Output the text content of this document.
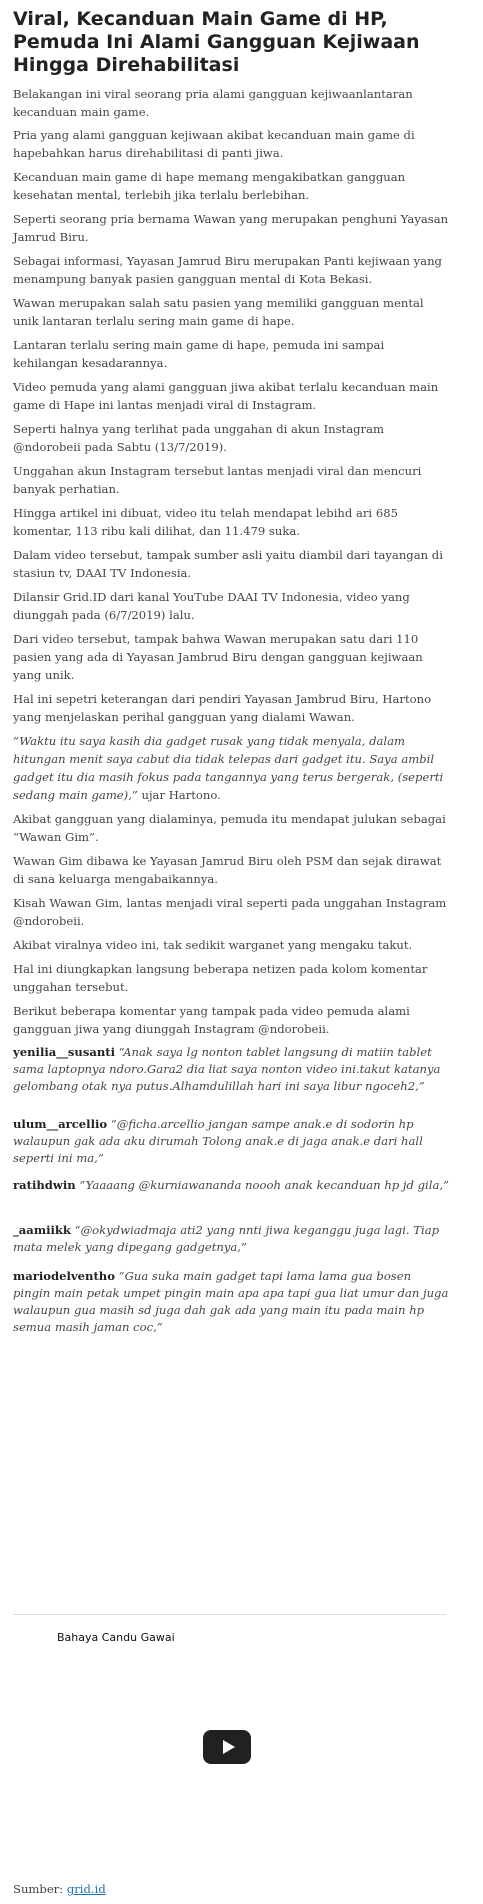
Viral, Kecanduan Main Game di HP, Pemuda Ini Alami Gangguan Kejiwaan Hingga Direhabilitasi

Belakangan ini viral seorang pria alami gangguan kejiwaanlantaran kecanduan main game.

Pria yang alami gangguan kejiwaan akibat kecanduan main game di hapebahkan harus direhabilitasi di panti jiwa.

Kecanduan main game di hape memang mengakibatkan gangguan kesehatan mental, terlebih jika terlalu berlebihan.

Seperti seorang pria bernama Wawan yang merupakan penghuni Yayasan Jamrud Biru.

Sebagai informasi, Yayasan Jamrud Biru merupakan Panti kejiwaan yang menampung banyak pasien gangguan mental di Kota Bekasi.

Wawan merupakan salah satu pasien yang memiliki gangguan mental unik lantaran terlalu sering main game di hape.

Lantaran terlalu sering main game di hape, pemuda ini sampai kehilangan kesadarannya.

Video pemuda yang alami gangguan jiwa akibat terlalu kecanduan main game di Hape ini lantas menjadi viral di Instagram.

Seperti halnya yang terlihat pada unggahan di akun Instagram @ndorobeii pada Sabtu (13/7/2019).

Unggahan akun Instagram tersebut lantas menjadi viral dan mencuri banyak perhatian.

Hingga artikel ini dibuat, video itu telah mendapat lebihd ari 685 komentar, 113 ribu kali dilihat, dan 11.479 suka.

Dalam video tersebut, tampak sumber asli yaitu diambil dari tayangan di stasiun tv, DAAI TV Indonesia.

Dilansir Grid.ID dari kanal YouTube DAAI TV Indonesia, video yang diunggah pada (6/7/2019) lalu.

Dari video tersebut, tampak bahwa Wawan merupakan satu dari 110 pasien yang ada di Yayasan Jambrud Biru dengan gangguan kejiwaan yang unik.

Hal ini sepetri keterangan dari pendiri Yayasan Jambrud Biru, Hartono yang menjelaskan perihal gangguan yang dialami Wawan.

“Waktu itu saya kasih dia gadget rusak yang tidak menyala, dalam hitungan menit saya cabut dia tidak telepas dari gadget itu. Saya ambil gadget itu dia masih fokus pada tangannya yang terus bergerak, (seperti sedang main game),” ujar Hartono.

Akibat gangguan yang dialaminya, pemuda itu mendapat julukan sebagai “Wawan Gim”.

Wawan Gim dibawa ke Yayasan Jamrud Biru oleh PSM dan sejak dirawat di sana keluarga mengabaikannya.

Kisah Wawan Gim, lantas menjadi viral seperti pada unggahan Instagram @ndorobeii.

Akibat viralnya video ini, tak sedikit warganet yang mengaku takut.

Hal ini diungkapkan langsung beberapa netizen pada kolom komentar unggahan tersebut.

Berikut beberapa komentar yang tampak pada video pemuda alami gangguan jiwa yang diunggah Instagram @ndorobeii.

yenilia__susanti “Anak saya lg nonton tablet langsung di matiin tablet sama laptopnya ndoro.Gara2 dia liat saya nonton video ini.takut katanya gelombang otak nya putus.Alhamdulillah hari ini saya libur ngoceh2,”

ulum__arcellio “@ficha.arcellio jangan sampe anak.e di sodorin hp walaupun gak ada aku dirumah Tolong anak.e di jaga anak.e dari hall seperti ini ma,”

ratihdwin “Yaaaang @kurniawananda noooh anak kecanduan hp jd gila,”

_aamiikk “@okydwiadmaja ati2 yang nnti jiwa keganggu juga lagi. Tiap mata melek yang dipegang gadgetnya,”

mariodelventho “Gua suka main gadget tapi lama lama gua bosen pingin main petak umpet pingin main apa apa tapi gua liat umur dan juga walaupun gua masih sd juga dah gak ada yang main itu pada main hp semua masih jaman coc,”

Bahaya Candu Gawai

Sumber: grid.id
